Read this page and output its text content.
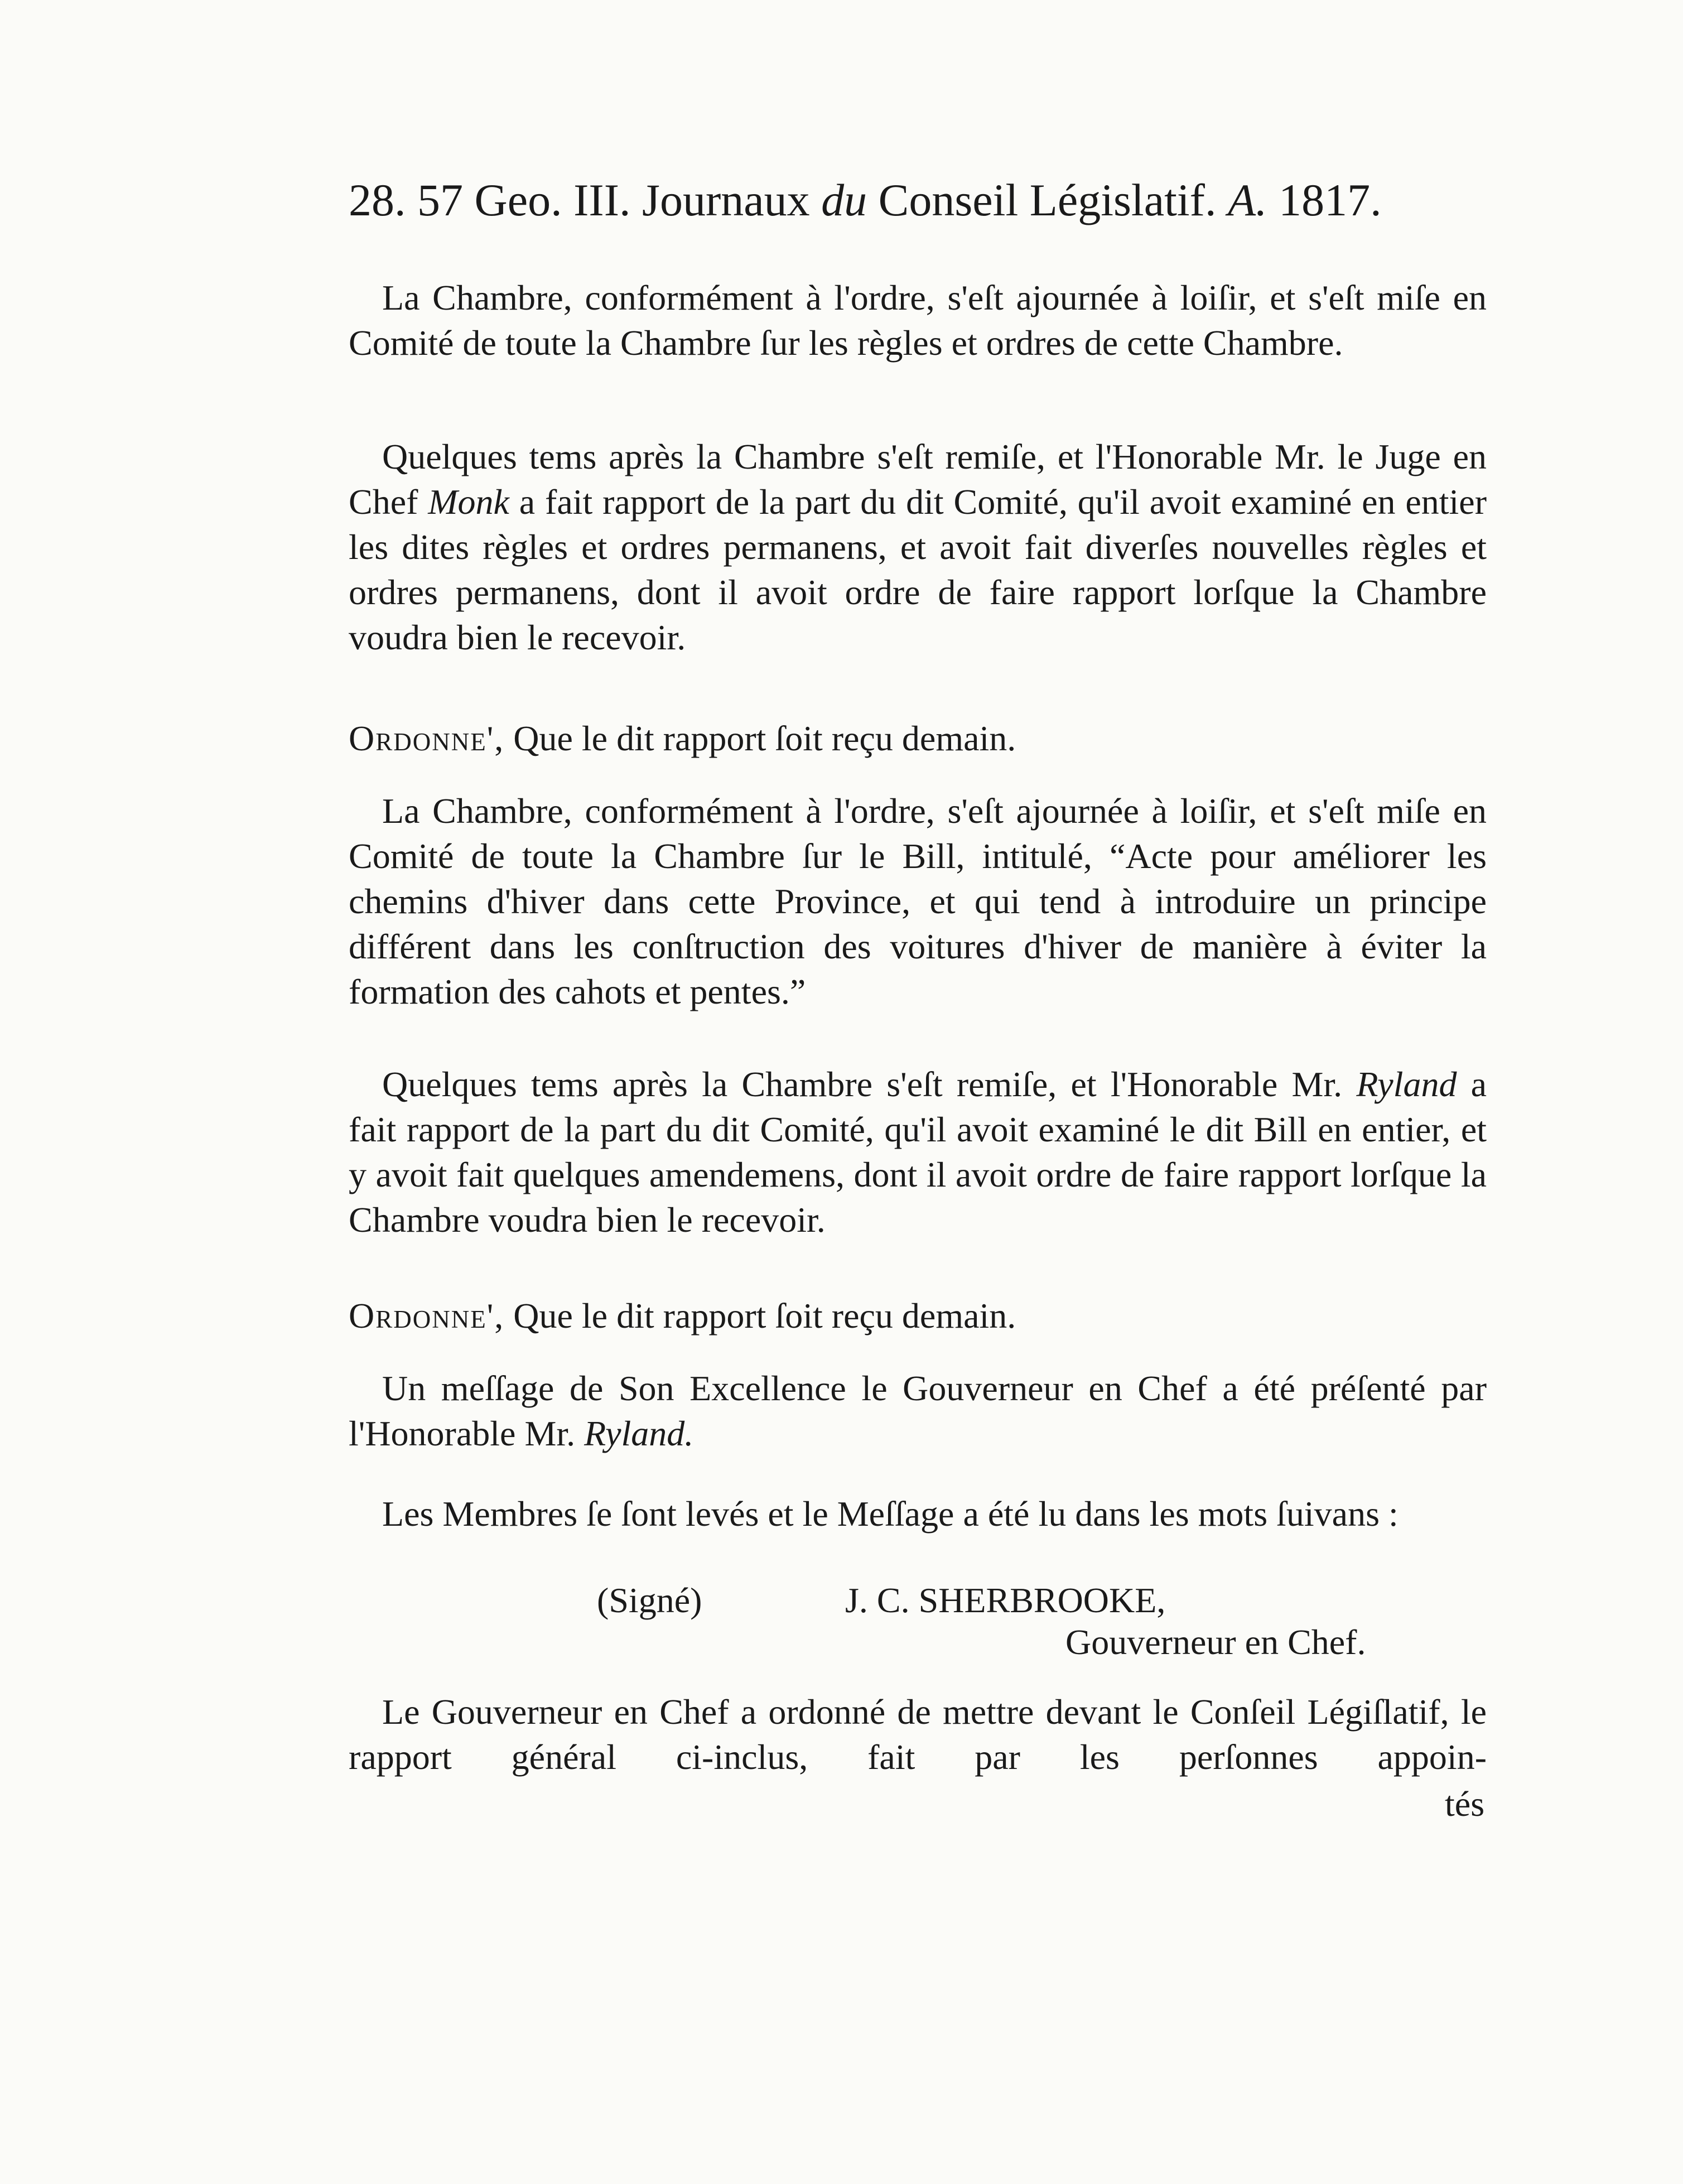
28. 57 Geo. III. Journaux du Conseil Législatif. A. 1817.

La Chambre, conformément à l'ordre, s'eſt ajournée à loiſir, et s'eſt miſe en Comité de toute la Chambre ſur les règles et ordres de cette Chambre.

Quelques tems après la Chambre s'eſt remiſe, et l'Honorable Mr. le Juge en Chef Monk a fait rapport de la part du dit Comité, qu'il avoit examiné en entier les dites règles et ordres permanens, et avoit fait diverſes nouvelles règles et ordres permanens, dont il avoit ordre de faire rapport lorſque la Chambre voudra bien le recevoir.

Ordonne', Que le dit rapport ſoit reçu demain.

La Chambre, conformément à l'ordre, s'eſt ajournée à loiſir, et s'eſt miſe en Comité de toute la Chambre ſur le Bill, intitulé, “Acte pour améliorer les chemins d'hiver dans cette Province, et qui tend à introduire un principe différent dans les conſtruction des voitures d'hiver de manière à éviter la formation des cahots et pentes.”

Quelques tems après la Chambre s'eſt remiſe, et l'Honorable Mr. Ryland a fait rapport de la part du dit Comité, qu'il avoit examiné le dit Bill en entier, et y avoit fait quelques amendemens, dont il avoit ordre de faire rapport lorſque la Chambre voudra bien le recevoir.

Ordonne', Que le dit rapport ſoit reçu demain.

Un meſſage de Son Excellence le Gouverneur en Chef a été préſenté par l'Honorable Mr. Ryland.

Les Membres ſe ſont levés et le Meſſage a été lu dans les mots ſuivans :

(Signé)	J. C. SHERBROOKE,
Gouverneur en Chef.

Le Gouverneur en Chef a ordonné de mettre devant le Conſeil Légiſlatif, le rapport général ci-inclus, fait par les perſonnes appoin-

tés
